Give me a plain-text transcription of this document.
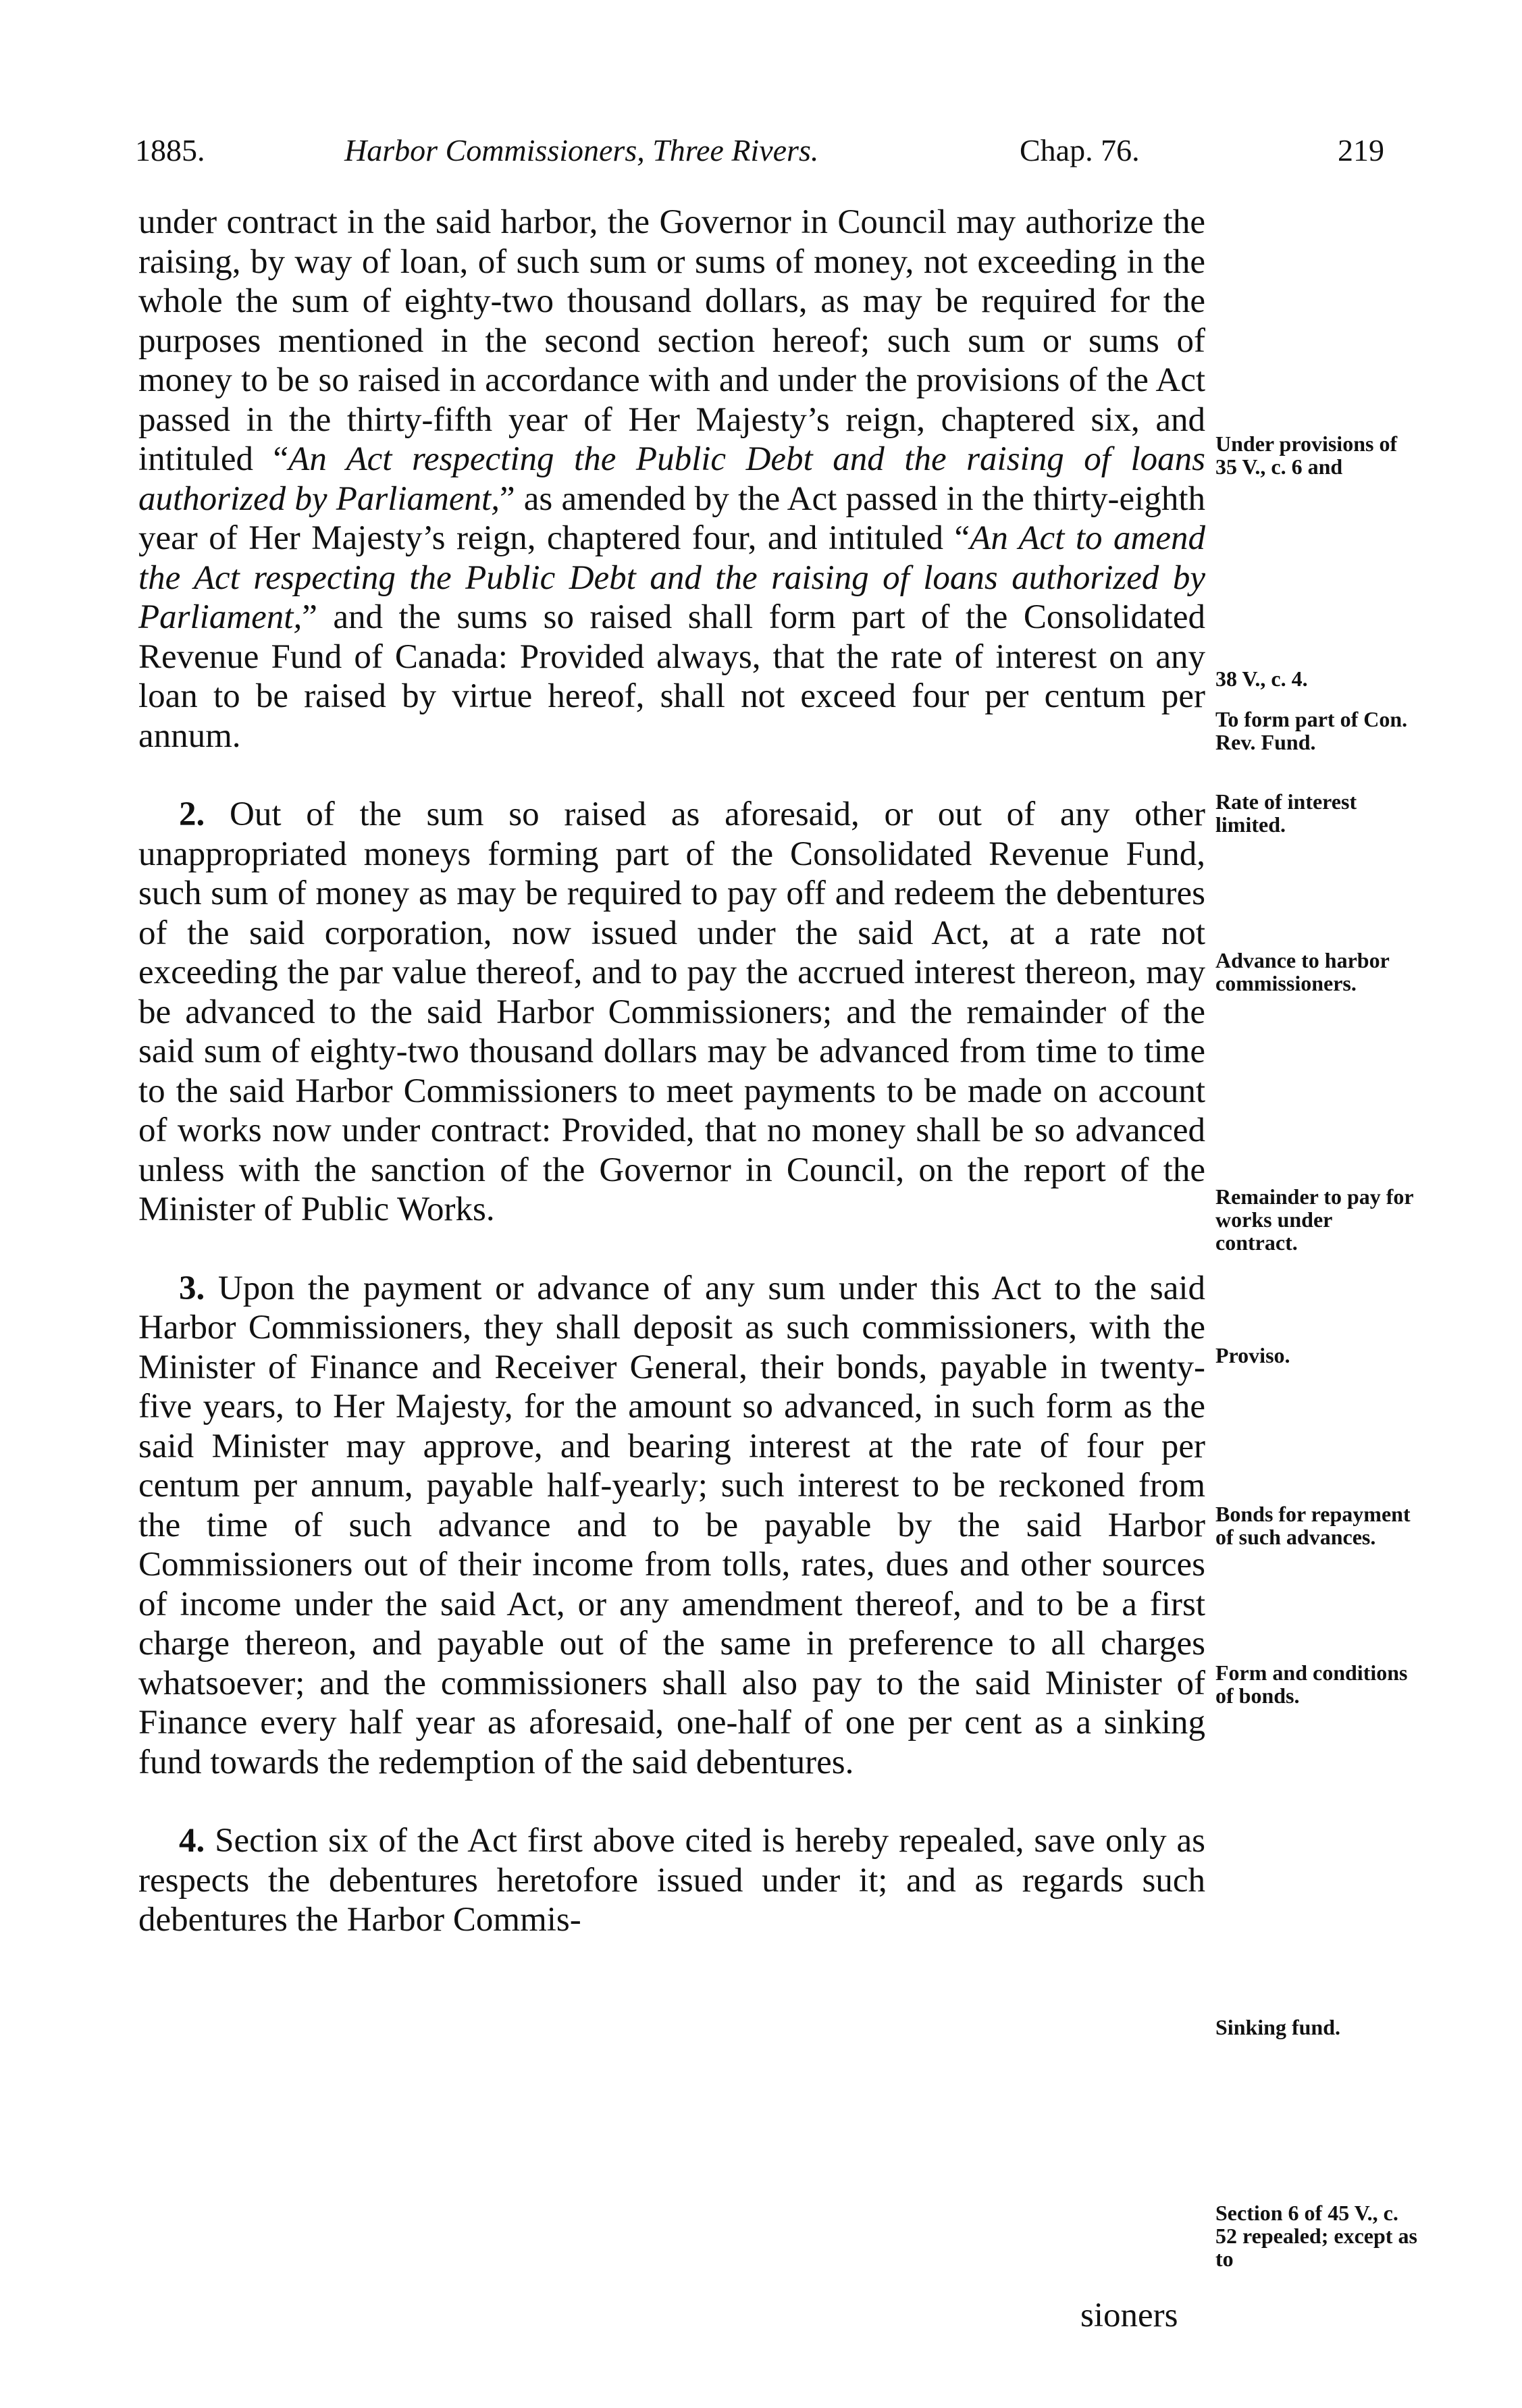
1885.	Harbor Commissioners, Three Rivers.	Chap. 76.	219

under contract in the said harbor, the Governor in Council may authorize the raising, by way of loan, of such sum or sums of money, not exceeding in the whole the sum of eighty-two thousand dollars, as may be required for the purposes mentioned in the second section hereof; such sum or sums of money to be so raised in accordance with and under the provisions of the Act passed in the thirty-fifth year of Her Majesty’s reign, chaptered six, and intituled “An Act respecting the Public Debt and the raising of loans authorized by Parliament,” as amended by the Act passed in the thirty-eighth year of Her Majesty’s reign, chaptered four, and intituled “An Act to amend the Act respecting the Public Debt and the raising of loans authorized by Parliament,” and the sums so raised shall form part of the Consolidated Revenue Fund of Canada: Provided always, that the rate of interest on any loan to be raised by virtue hereof, shall not exceed four per centum per annum.

2. Out of the sum so raised as aforesaid, or out of any other unappropriated moneys forming part of the Consolidated Revenue Fund, such sum of money as may be required to pay off and redeem the debentures of the said corporation, now issued under the said Act, at a rate not exceeding the par value thereof, and to pay the accrued interest thereon, may be advanced to the said Harbor Commissioners; and the remainder of the said sum of eighty-two thousand dollars may be advanced from time to time to the said Harbor Commissioners to meet payments to be made on account of works now under contract: Provided, that no money shall be so advanced unless with the sanction of the Governor in Council, on the report of the Minister of Public Works.

3. Upon the payment or advance of any sum under this Act to the said Harbor Commissioners, they shall deposit as such commissioners, with the Minister of Finance and Receiver General, their bonds, payable in twenty-five years, to Her Majesty, for the amount so advanced, in such form as the said Minister may approve, and bearing interest at the rate of four per centum per annum, payable half-yearly; such interest to be reckoned from the time of such advance and to be payable by the said Harbor Commissioners out of their income from tolls, rates, dues and other sources of income under the said Act, or any amendment thereof, and to be a first charge thereon, and payable out of the same in preference to all charges whatsoever; and the commissioners shall also pay to the said Minister of Finance every half year as aforesaid, one-half of one per cent as a sinking fund towards the redemption of the said debentures.

4. Section six of the Act first above cited is hereby repealed, save only as respects the debentures heretofore issued under it; and as regards such debentures the Harbor Commis-

sioners
Under provisions of 35 V., c. 6 and
38 V., c. 4.
To form part of Con. Rev. Fund.
Rate of interest limited.
Advance to harbor commissioners.
Remainder to pay for works under contract.
Proviso.
Bonds for repayment of such advances.
Form and conditions of bonds.
Sinking fund.
Section 6 of 45 V., c. 52 repealed; except as to
